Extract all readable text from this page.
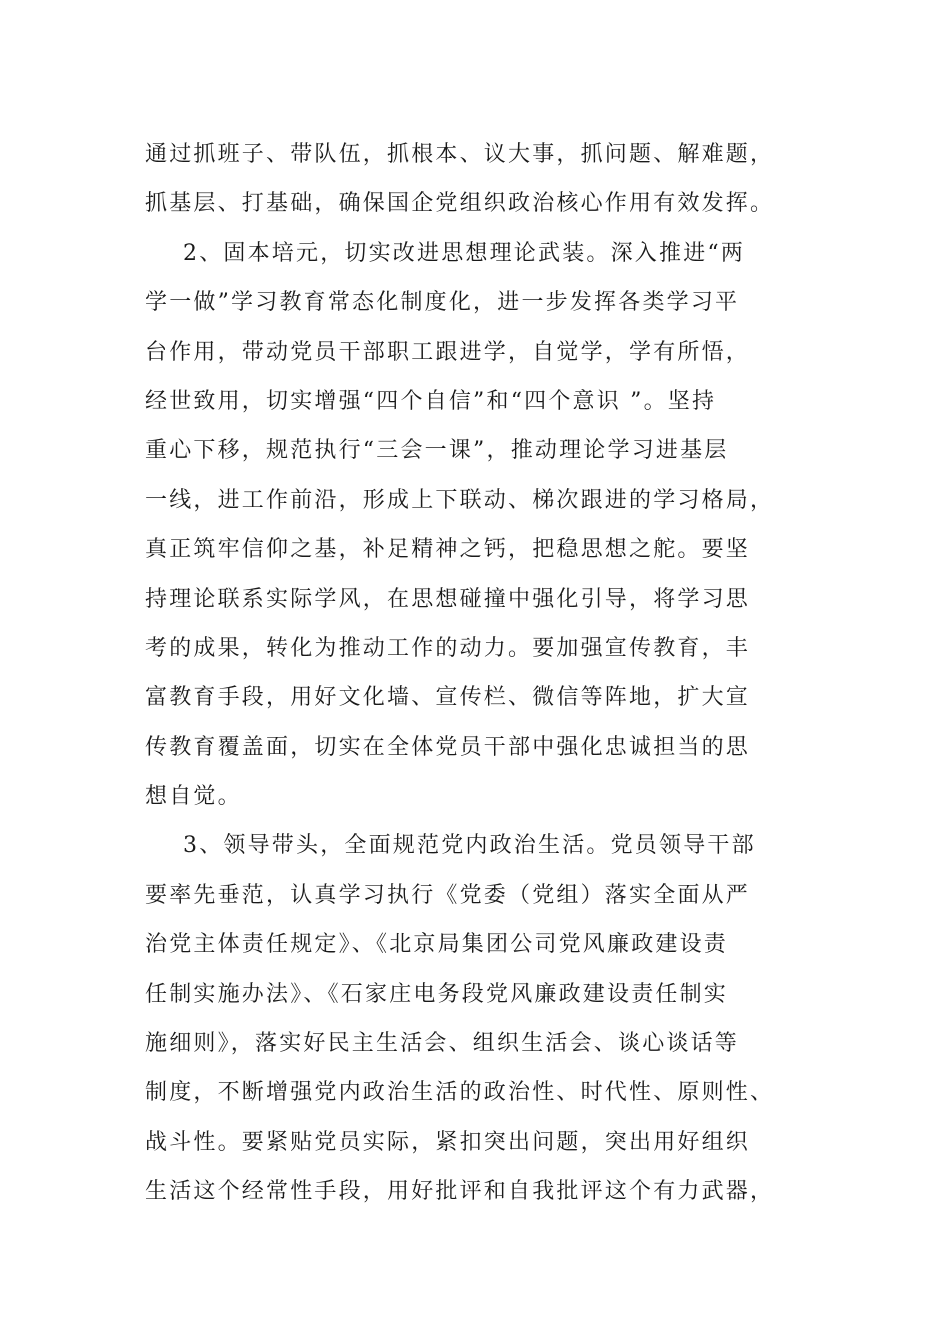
通过抓班子、带队伍，抓根本、议大事，抓问题、解难题，
抓基层、打基础，确保国企党组织政治核心作用有效发挥。
2、固本培元，切实改进思想理论武装。深入推进“两
学一做”学习教育常态化制度化，进一步发挥各类学习平
台作用，带动党员干部职工跟进学，自觉学，学有所悟，
经世致用，切实增强“四个自信”和“四个意识 ”。坚持
重心下移，规范执行“三会一课”，推动理论学习进基层
一线，进工作前沿，形成上下联动、梯次跟进的学习格局，
真正筑牢信仰之基，补足精神之钙，把稳思想之舵。要坚
持理论联系实际学风，在思想碰撞中强化引导，将学习思
考的成果，转化为推动工作的动力。要加强宣传教育，丰
富教育手段，用好文化墙、宣传栏、微信等阵地，扩大宣
传教育覆盖面，切实在全体党员干部中强化忠诚担当的思
想自觉。
3、领导带头，全面规范党内政治生活。党员领导干部
要率先垂范，认真学习执行《党委（党组）落实全面从严
治党主体责任规定》、《北京局集团公司党风廉政建设责
任制实施办法》、《石家庄电务段党风廉政建设责任制实
施细则》，落实好民主生活会、组织生活会、谈心谈话等
制度，不断增强党内政治生活的政治性、时代性、原则性、
战斗性。要紧贴党员实际，紧扣突出问题，突出用好组织
生活这个经常性手段，用好批评和自我批评这个有力武器，
